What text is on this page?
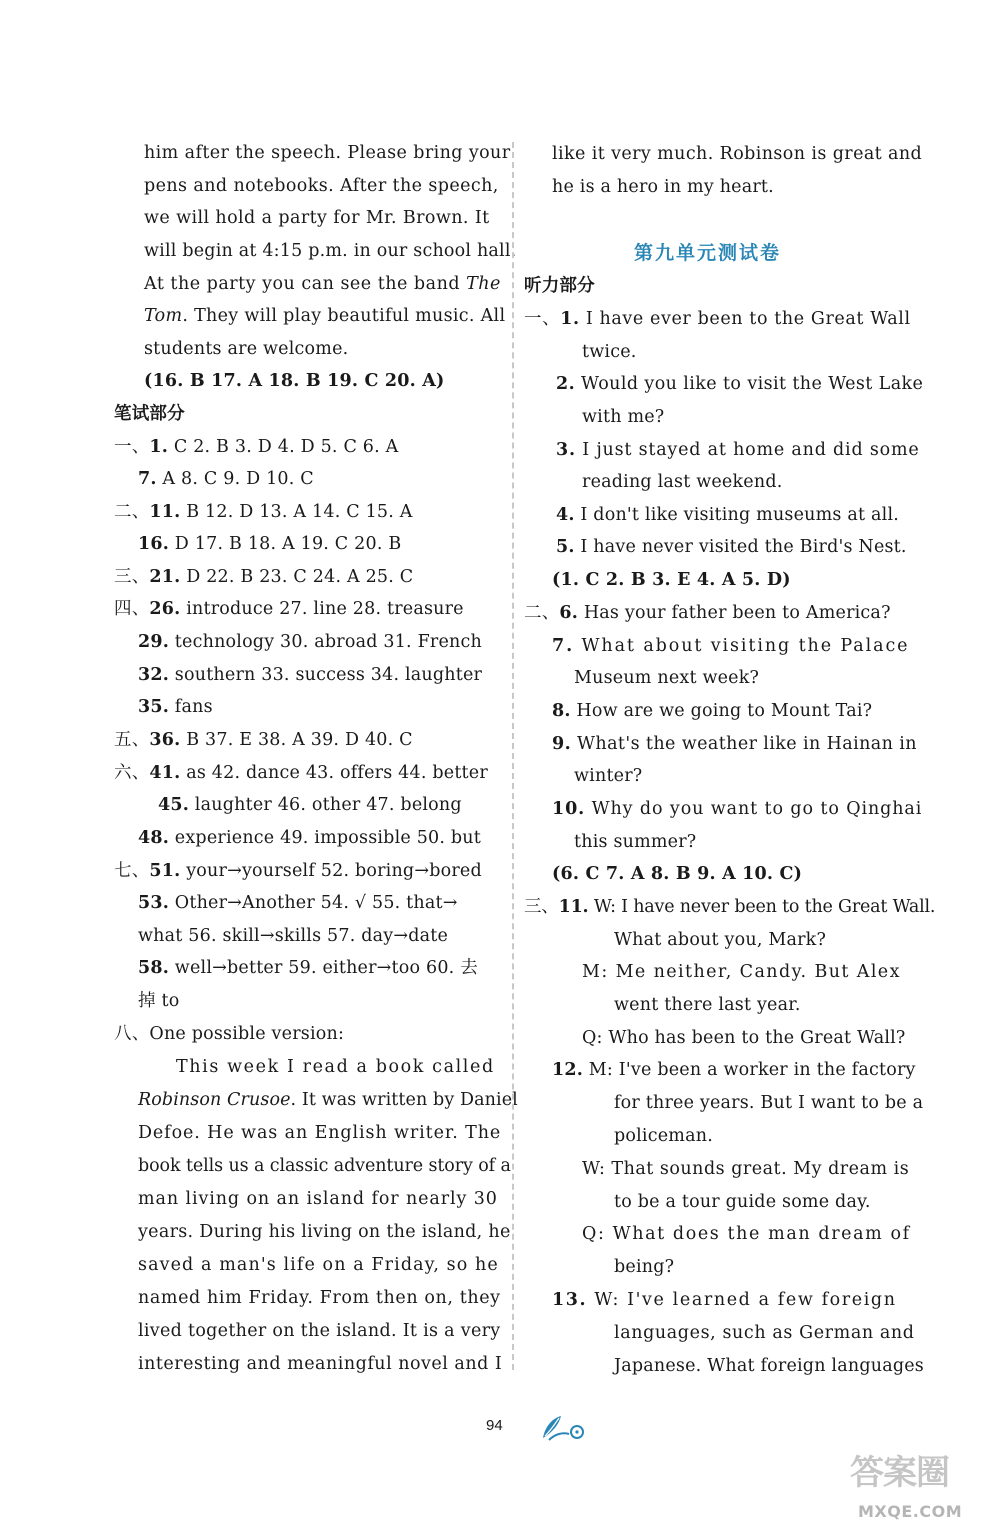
him after the speech. Please bring your
pens and notebooks. After the speech,
we will hold a party for Mr. Brown. It
will begin at 4:15 p.m. in our school hall.
At the party you can see the band The
Tom. They will play beautiful music. All
students are welcome.
(16. B 17. A 18. B 19. C 20. A)
笔试部分
一、1. C 2. B 3. D 4. D 5. C 6. A
7. A 8. C 9. D 10. C
二、11. B 12. D 13. A 14. C 15. A
16. D 17. B 18. A 19. C 20. B
三、21. D 22. B 23. C 24. A 25. C
四、26. introduce 27. line 28. treasure
29. technology 30. abroad 31. French
32. southern 33. success 34. laughter
35. fans
五、36. B 37. E 38. A 39. D 40. C
六、41. as 42. dance 43. offers 44. better
45. laughter 46. other 47. belong
48. experience 49. impossible 50. but
七、51. your→yourself 52. boring→bored
53. Other→Another 54. √ 55. that→
what 56. skill→skills 57. day→date
58. well→better 59. either→too 60. 去
掉 to
八、One possible version:
This week I read a book called
Robinson Crusoe. It was written by Daniel
Defoe. He was an English writer. The
book tells us a classic adventure story of a
man living on an island for nearly 30
years. During his living on the island, he
saved a man's life on a Friday, so he
named him Friday. From then on, they
lived together on the island. It is a very
interesting and meaningful novel and I
like it very much. Robinson is great and
he is a hero in my heart.
第九单元测试卷
听力部分
一、1. I have ever been to the Great Wall
twice.
2. Would you like to visit the West Lake
with me?
3. I just stayed at home and did some
reading last weekend.
4. I don't like visiting museums at all.
5. I have never visited the Bird's Nest.
(1. C 2. B 3. E 4. A 5. D)
二、6. Has your father been to America?
7. What about visiting the Palace
Museum next week?
8. How are we going to Mount Tai?
9. What's the weather like in Hainan in
winter?
10. Why do you want to go to Qinghai
this summer?
(6. C 7. A 8. B 9. A 10. C)
三、11. W: I have never been to the Great Wall.
What about you, Mark?
M: Me neither, Candy. But Alex
went there last year.
Q: Who has been to the Great Wall?
12. M: I've been a worker in the factory
for three years. But I want to be a
policeman.
W: That sounds great. My dream is
to be a tour guide some day.
Q: What does the man dream of
being?
13. W: I've learned a few foreign
languages, such as German and
Japanese. What foreign languages
94
答案圈
MXQE.COM
